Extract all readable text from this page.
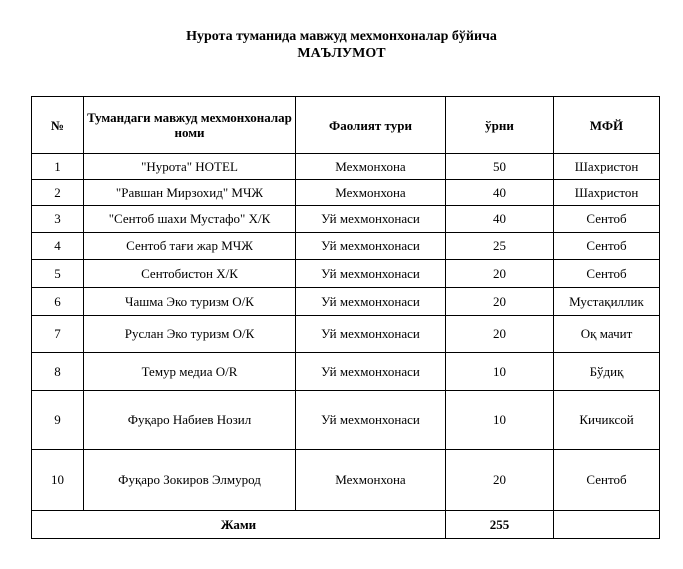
Нурота туманида мавжуд мехмонхоналар бўйича
МАЪЛУМОТ
№	Тумандаги мавжуд мехмонхоналар номи	Фаолият тури	ўрни	МФЙ
1	"Нурота" HOTEL	Мехмонхона	50	Шахристон
2	"Равшан Мирзохид" МЧЖ	Мехмонхона	40	Шахристон
3	"Сентоб шахи Мустафо" Х/К	Уй мехмонхонаси	40	Сентоб
4	Сентоб тағи жар МЧЖ	Уй мехмонхонаси	25	Сентоб
5	Сентобистон Х/К	Уй мехмонхонаси	20	Сентоб
6	Чашма Эко туризм О/К	Уй мехмонхонаси	20	Мустақиллик
7	Руслан Эко туризм О/К	Уй мехмонхонаси	20	Оқ мачит
8	Темур медиа О/R	Уй мехмонхонаси	10	Бўдиқ
9	Фуқаро Набиев Нозил	Уй мехмонхонаси	10	Кичиксой
10	Фуқаро Зокиров Элмурод	Мехмонхона	20	Сентоб
Жами			255	
